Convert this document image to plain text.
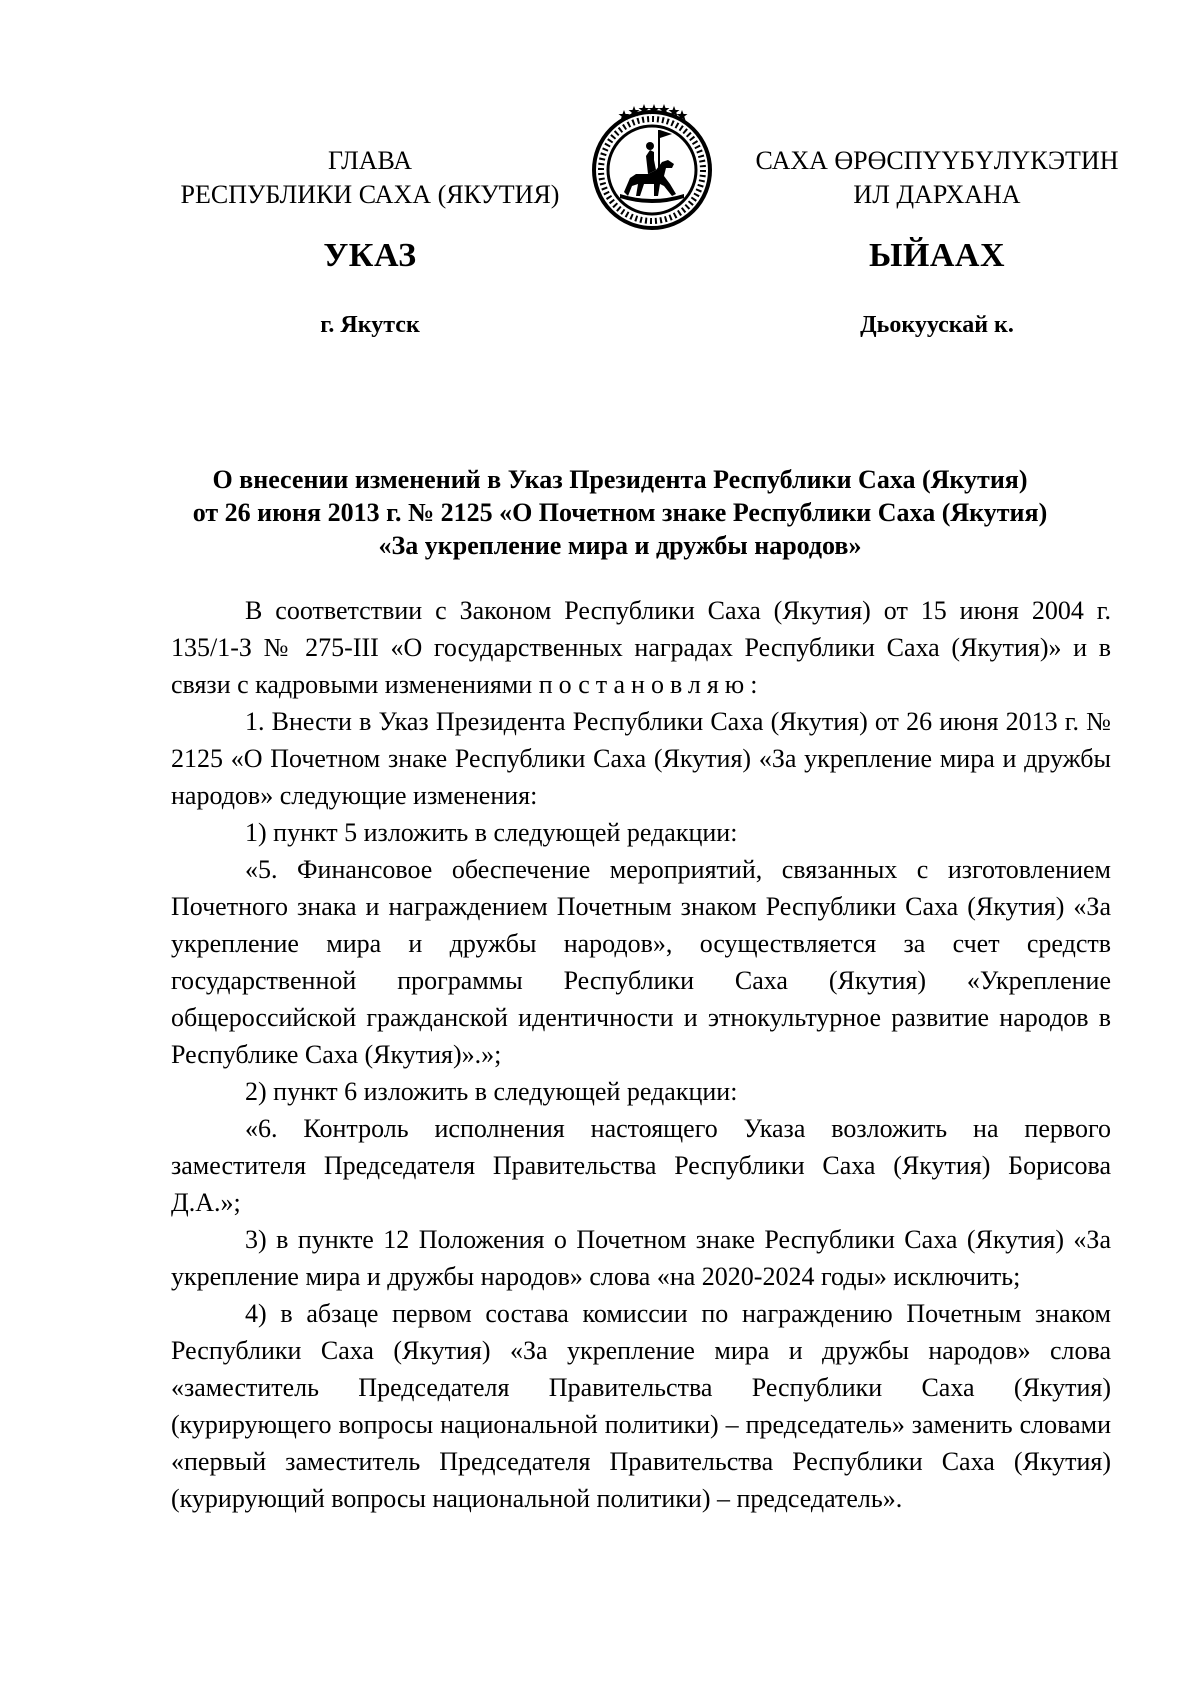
ГЛАВА
РЕСПУБЛИКИ САХА (ЯКУТИЯ)
САХА ӨРӨСПҮҮБҮЛҮКЭТИН
ИЛ ДАРХАНА
УКАЗ	ЫЙААХ
г. Якутск	Дьокуускай к.
О внесении изменений в Указ Президента Республики Саха (Якутия)
от 26 июня 2013 г. № 2125 «О Почетном знаке Республики Саха (Якутия)
«За укрепление мира и дружбы народов»

В соответствии с Законом Республики Саха (Якутия) от 15 июня 2004 г. 135/1-З № 275-III «О государственных наградах Республики Саха (Якутия)» и в связи с кадровыми изменениями постановляю:

1. Внести в Указ Президента Республики Саха (Якутия) от 26 июня 2013 г. № 2125 «О Почетном знаке Республики Саха (Якутия) «За укрепление мира и дружбы народов» следующие изменения:

1) пункт 5 изложить в следующей редакции:

«5. Финансовое обеспечение мероприятий, связанных с изготовлением Почетного знака и награждением Почетным знаком Республики Саха (Якутия) «За укрепление мира и дружбы народов», осуществляется за счет средств государственной программы Республики Саха (Якутия) «Укрепление общероссийской гражданской идентичности и этнокультурное развитие народов в Республике Саха (Якутия)».»;

2) пункт 6 изложить в следующей редакции:

«6. Контроль исполнения настоящего Указа возложить на первого заместителя Председателя Правительства Республики Саха (Якутия) Борисова Д.А.»;

3) в пункте 12 Положения о Почетном знаке Республики Саха (Якутия) «За укрепление мира и дружбы народов» слова «на 2020-2024 годы» исключить;

4) в абзаце первом состава комиссии по награждению Почетным знаком Республики Саха (Якутия) «За укрепление мира и дружбы народов» слова «заместитель Председателя Правительства Республики Саха (Якутия) (курирующего вопросы национальной политики) – председатель» заменить словами «первый заместитель Председателя Правительства Республики Саха (Якутия) (курирующий вопросы национальной политики) – председатель».
